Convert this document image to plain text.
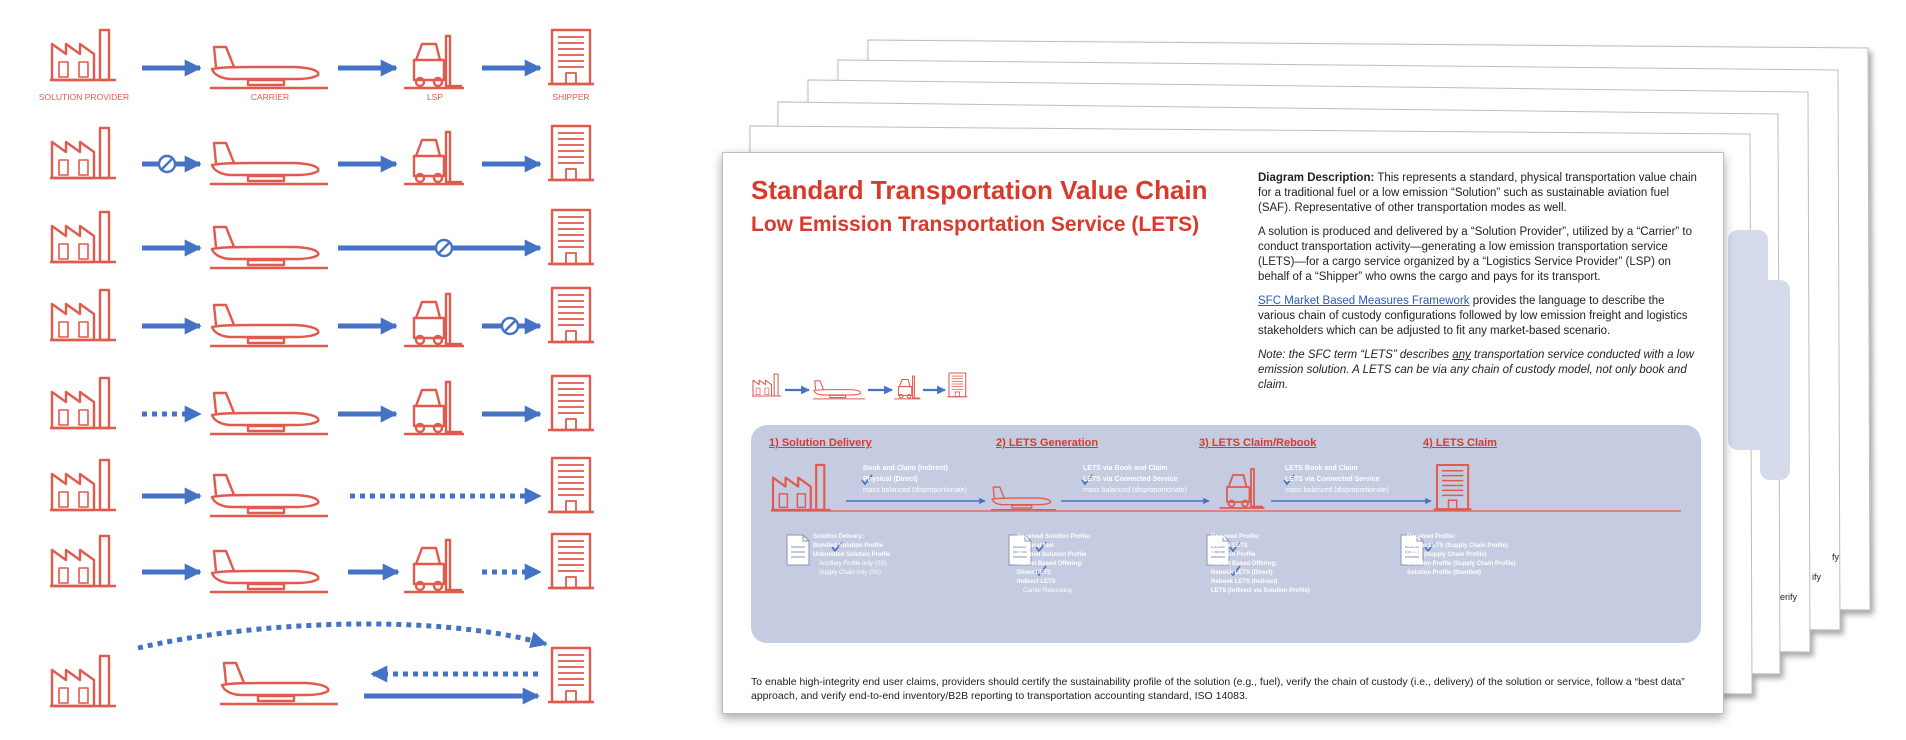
SOLUTION PROVIDER	CARRIER	LSP	SHIPPER
erify
ify
fy
Standard Transportation Value Chain
Low Emission Transportation Service (LETS)

Diagram Description: This represents a standard, physical transportation value chain for a traditional fuel or a low emission “Solution” such as sustainable aviation fuel (SAF). Representative of other transportation modes as well.

A solution is produced and delivered by a “Solution Provider”, utilized by a “Carrier” to conduct transportation activity—generating a low emission transportation service (LETS)—for a cargo service organized by a “Logistics Service Provider” (LSP) on behalf of a “Shipper” who owns the cargo and pays for its transport.

SFC Market Based Measures Framework provides the language to describe the various chain of custody configurations followed by low emission freight and logistics stakeholders which can be adjusted to fit any market-based scenario.

Note: the SFC term “LETS” describes any transportation service conducted with a low emission solution. A LETS can be via any chain of custody model, not only book and claim.

1) Solution Delivery	2) LETS Generation	3) LETS Claim/Rebook	4) LETS Claim
Book and Claim (Indirect)
Physical (Direct)
mass balanced (disproportionate)
LETS via Book and Claim
LETS via Connected Service
mass balanced (disproportionate)
LETS Book and Claim
LETS via Connected Service
mass balanced (disproportionate)
Solution Delivery:
Bundled Solution Profile
Unbundled Solution Profile
Ancillary Profile only (SS)
Supply Chain only (SS)
Received Solution Profile:
Physical fuel
Claimed Solution Profile
Market Based Offering:
Direct LETS
Indirect LETS
Carrier Rebooking
Received Profile:
Carrier LETS
Solution Profile
Market Based Offering:
Rebook LETS (Direct)
Rebook LETS (Indirect)
LETS (Indirect via Solution Profile)
Received Profile:
Carrier LETS (Supply Chain Profile)
LETS (Supply Chain Profile)
Solution Profile (Supply Chain Profile)
Solution Profile (Bundled)
To enable high-integrity end user claims, providers should certify the sustainability profile of the solution (e.g., fuel), verify the chain of custody (i.e., delivery) of the solution or service, follow a “best data” approach, and verify end-to-end inventory/B2B reporting to transportation accounting standard, ISO 14083.
